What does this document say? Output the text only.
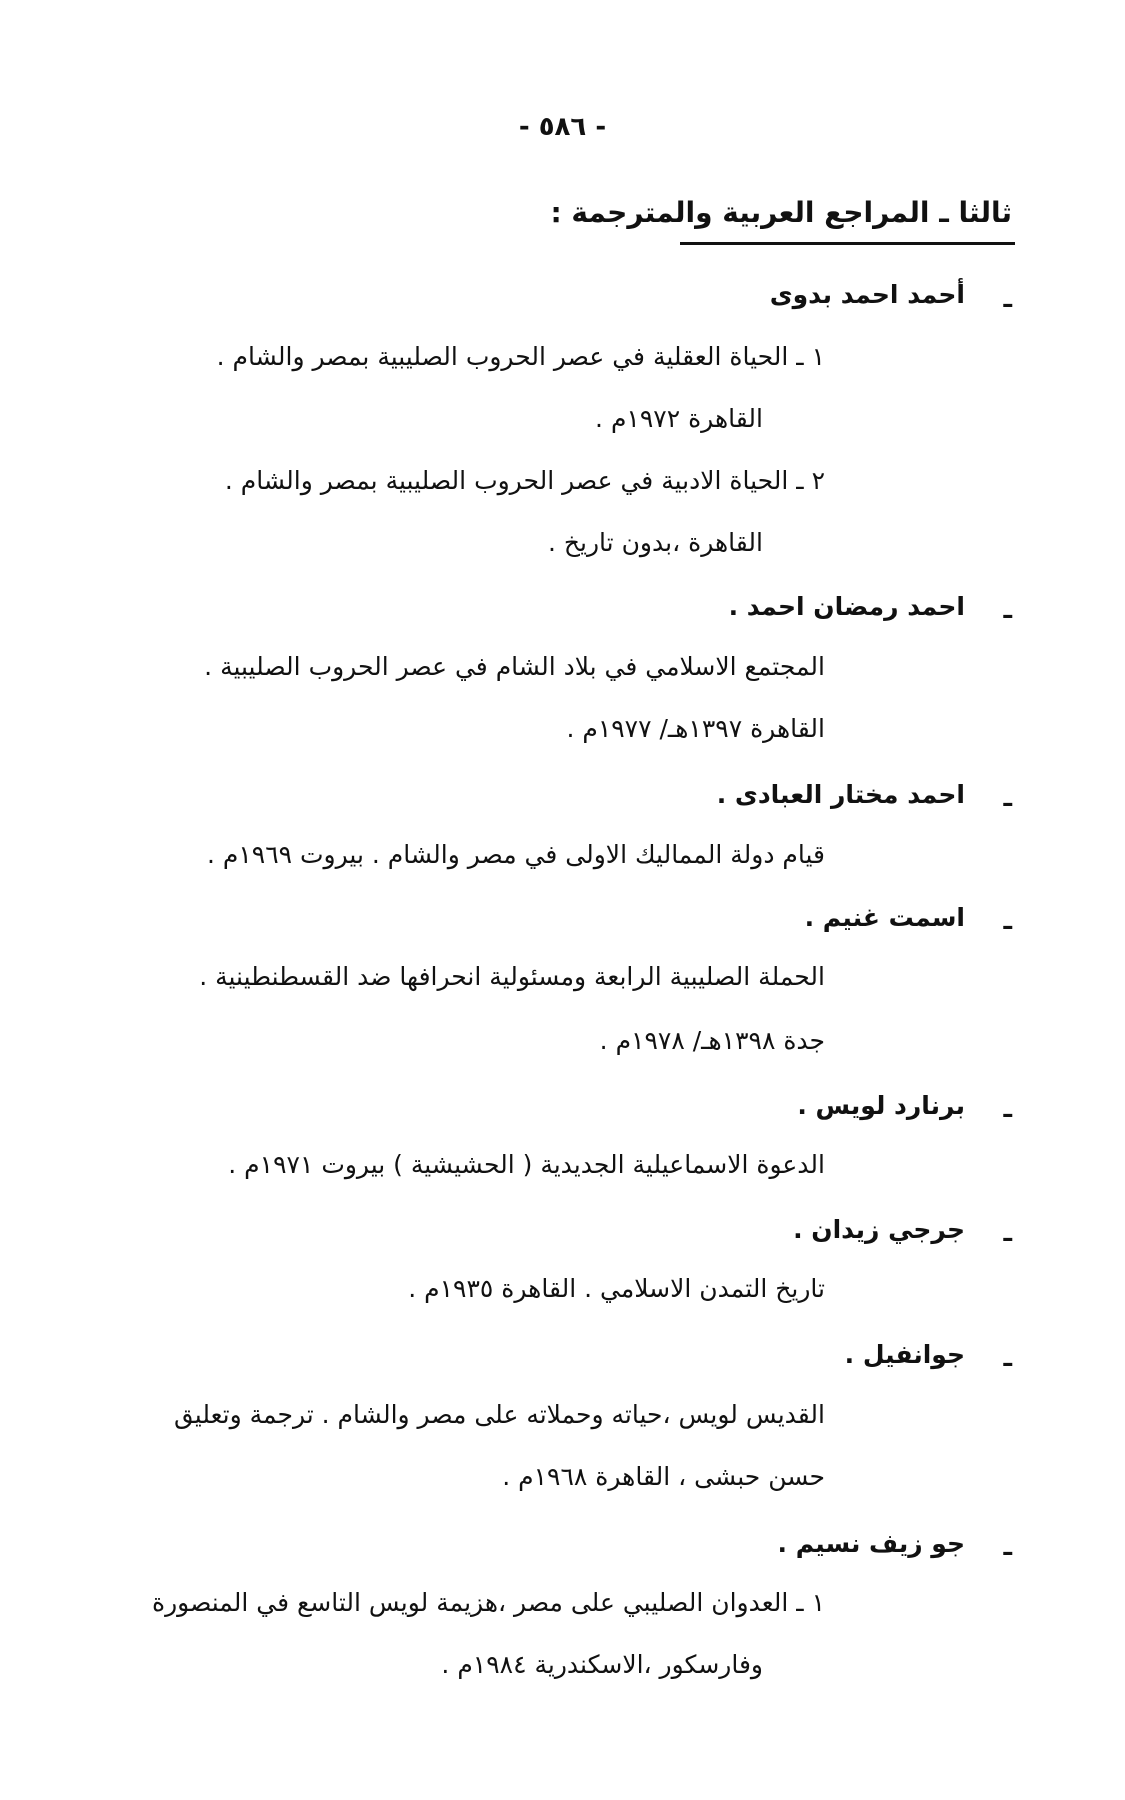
- ٥٨٦ -
ثالثا ـ المراجع العربية والمترجمة :
ـ
أحمد احمد بدوى
١ ـ الحياة العقلية في عصر الحروب الصليبية بمصر والشام .
القاهرة ١٩٧٢م .
٢ ـ الحياة الادبية في عصر الحروب الصليبية بمصر والشام .
القاهرة ،بدون تاريخ .
ـ
احمد رمضان احمد .
المجتمع الاسلامي في بلاد الشام في عصر الحروب الصليبية .
القاهرة ١٣٩٧هـ/ ١٩٧٧م .
ـ
احمد مختار العبادى .
قيام دولة المماليك الاولى في مصر والشام . بيروت ١٩٦٩م .
ـ
اسمت غنيم .
الحملة الصليبية الرابعة ومسئولية انحرافها ضد القسطنطينية .
جدة ١٣٩٨هـ/ ١٩٧٨م .
ـ
برنارد لويس .
الدعوة الاسماعيلية الجديدية ( الحشيشية ) بيروت ١٩٧١م .
ـ
جرجي زيدان .
تاريخ التمدن الاسلامي . القاهرة ١٩٣٥م .
ـ
جوانفيل .
القديس لويس ،حياته وحملاته على مصر والشام . ترجمة وتعليق
حسن حبشى ، القاهرة ١٩٦٨م .
ـ
جو زيف نسيم .
١ ـ العدوان الصليبي على مصر ،هزيمة لويس التاسع في المنصورة
وفارسكور ،الاسكندرية ١٩٨٤م .
